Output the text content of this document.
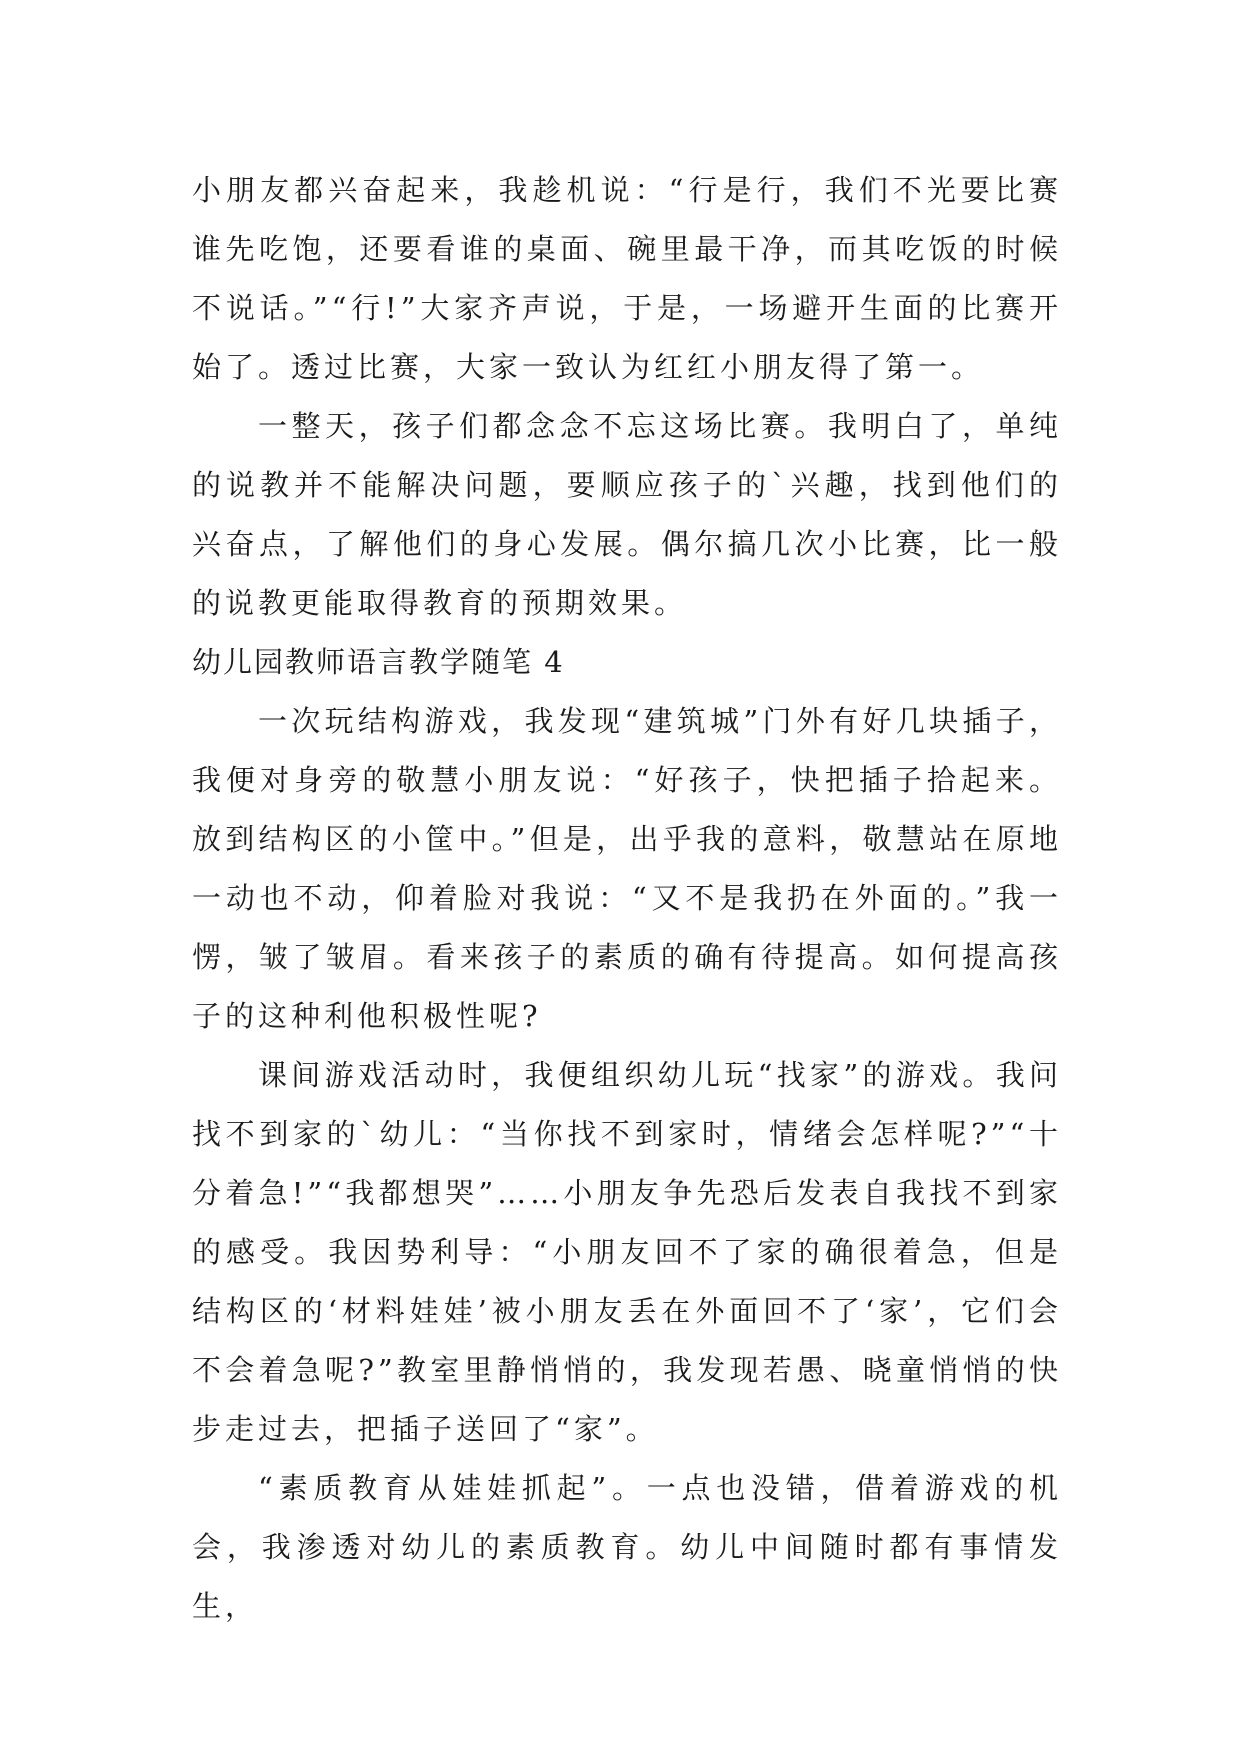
小朋友都兴奋起来，我趁机说：“行是行，我们不光要比赛谁先吃饱，还要看谁的桌面、碗里最干净，而其吃饭的时候不说话。”“行!”大家齐声说，于是，一场避开生面的比赛开始了。透过比赛，大家一致认为红红小朋友得了第一。

一整天，孩子们都念念不忘这场比赛。我明白了，单纯的说教并不能解决问题，要顺应孩子的`兴趣，找到他们的兴奋点，了解他们的身心发展。偶尔搞几次小比赛，比一般的说教更能取得教育的预期效果。

幼儿园教师语言教学随笔 4

一次玩结构游戏，我发现“建筑城”门外有好几块插子，我便对身旁的敬慧小朋友说：“好孩子，快把插子拾起来。放到结构区的小筐中。”但是，出乎我的意料，敬慧站在原地一动也不动，仰着脸对我说：“又不是我扔在外面的。”我一愣，皱了皱眉。看来孩子的素质的确有待提高。如何提高孩子的这种利他积极性呢?

课间游戏活动时，我便组织幼儿玩“找家”的游戏。我问找不到家的`幼儿：“当你找不到家时，情绪会怎样呢?”“十分着急!”“我都想哭”……小朋友争先恐后发表自我找不到家的感受。我因势利导：“小朋友回不了家的确很着急，但是结构区的‘材料娃娃’被小朋友丢在外面回不了‘家’，它们会不会着急呢?”教室里静悄悄的，我发现若愚、晓童悄悄的快步走过去，把插子送回了“家”。

“素质教育从娃娃抓起”。一点也没错，借着游戏的机会，我渗透对幼儿的素质教育。幼儿中间随时都有事情发生，
